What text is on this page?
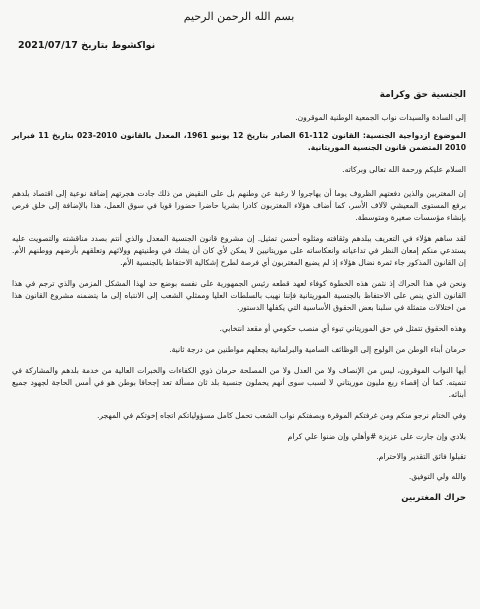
بسم الله الرحمن الرحيم
نواكشوط بتاريخ 2021/07/17
الجنسية حق وكرامة

إلى السادة والسيدات نواب الجمعية الوطنية الموقرون.

الموضوع ازدواجية الجنسية: القانون 112-61 الصادر بتاريخ 12 يونيو 1961، المعدل بالقانون 2010-023 بتاريخ 11 فبراير 2010 المتضمن قانون الجنسية الموريتانية.

السلام عليكم ورحمة الله تعالى وبركاته.

إن المغتربين والذين دفعتهم الظروف يوما أن يهاجروا لا رغبة عن وطنهم بل على النقيض من ذلك جادت هجرتهم إضافة نوعية إلى اقتصاد بلدهم برفع المستوى المعيشي لآلاف الأسر، كما أضاف هؤلاء المغتربون كادرا بشريا حاضرا حضورا قويا في سوق العمل، هذا بالإضافة إلى خلق فرص بإنشاء مؤسسات صغيرة ومتوسطة.

لقد ساهم هؤلاء في التعريف ببلدهم وثقافته ومثلوه أحسن تمثيل. إن مشروع قانون الجنسية المعدل والذي أنتم بصدد مناقشته والتصويت عليه يستدعي منكم إمعان النظر في تداعياته وانعكاساته على موريتانيين لا يمكن لأي كان أن يشك في وطنيتهم وولائهم وتعلقهم بأرضهم ووطنهم الأم. إن القانون المذكور جاء ثمرة نضال هؤلاء إذ لم يضيع المغتربون أي فرصة لطرح إشكالية الاحتفاظ بالجنسية الأم.

ونحن في هذا الحراك إذ نثمن هذه الخطوة كوفاء لعهد قطعه رئيس الجمهورية على نفسه بوضع حد لهذا المشكل المزمن والذي ترجم في هذا القانون الذي ينص على الاحتفاظ بالجنسية الموريتانية فإننا نهيب بالسلطات العليا وممثلي الشعب إلى الانتباه إلى ما يتضمنه مشروع القانون هذا من اختلالات متمثلة في سلبنا بعض الحقوق الأساسية التي يكفلها الدستور.

وهذه الحقوق تتمثل في حق الموريتاني تبوء أي منصب حكومي أو مقعد انتخابي.

حرمان أبناء الوطن من الولوج إلى الوظائف السامية والبرلمانية يجعلهم مواطنين من درجة ثانية.

أيها النواب الموقرون، ليس من الإنصاف ولا من العدل ولا من المصلحة حرمان ذوي الكفاءات والخبرات العالية من خدمة بلدهم والمشاركة في تنميته. كما أن إقصاء ربع مليون موريتاني لا لسبب سوى أنهم يحملون جنسية بلد ثان مسألة تعد إجحافا بوطن هو في أمس الحاجة لجهود جميع أبنائه.

وفي الختام نرجو منكم ومن غرفتكم الموقرة وبصفتكم نواب الشعب تحمل كامل مسؤولياتكم اتجاه إخوتكم في المهجر.

بلادي وإن جارت على عزيزة #وأهلي وإن ضنوا علي كرام

تقبلوا فائق التقدير والاحترام.

والله ولي التوفيق.

حراك المغتربين
